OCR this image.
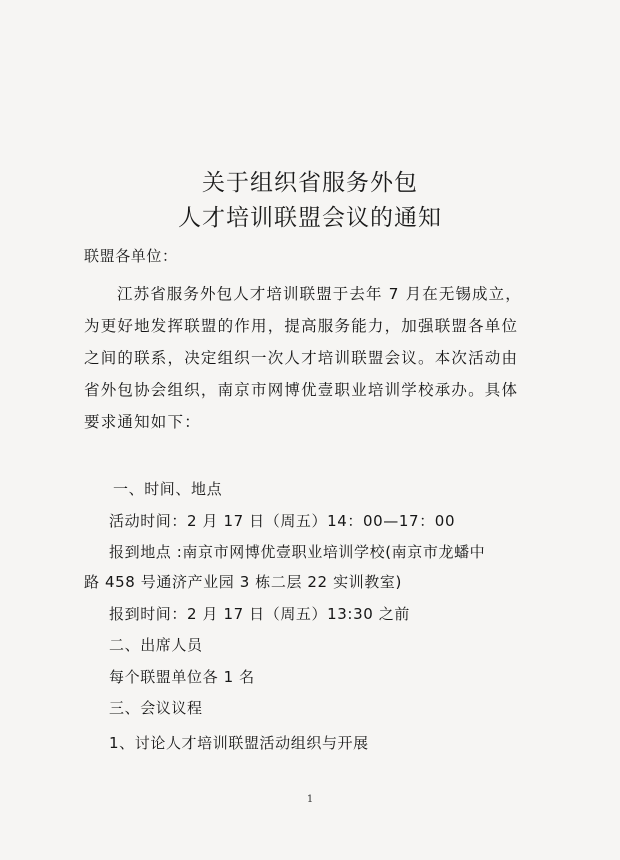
关于组织省服务外包
人才培训联盟会议的通知
联盟各单位：
江苏省服务外包人才培训联盟于去年 7 月在无锡成立，
为更好地发挥联盟的作用，提高服务能力，加强联盟各单位
之间的联系，决定组织一次人才培训联盟会议。本次活动由
省外包协会组织，南京市网博优壹职业培训学校承办。具体
要求通知如下：
一、时间、地点
活动时间：2 月 17 日（周五）14：00—17：00
报到地点 :南京市网博优壹职业培训学校(南京市龙蟠中
路 458 号通济产业园 3 栋二层 22 实训教室)
报到时间：2 月 17 日（周五）13:30 之前
二、出席人员
每个联盟单位各 1 名
三、会议议程
1、讨论人才培训联盟活动组织与开展
1
